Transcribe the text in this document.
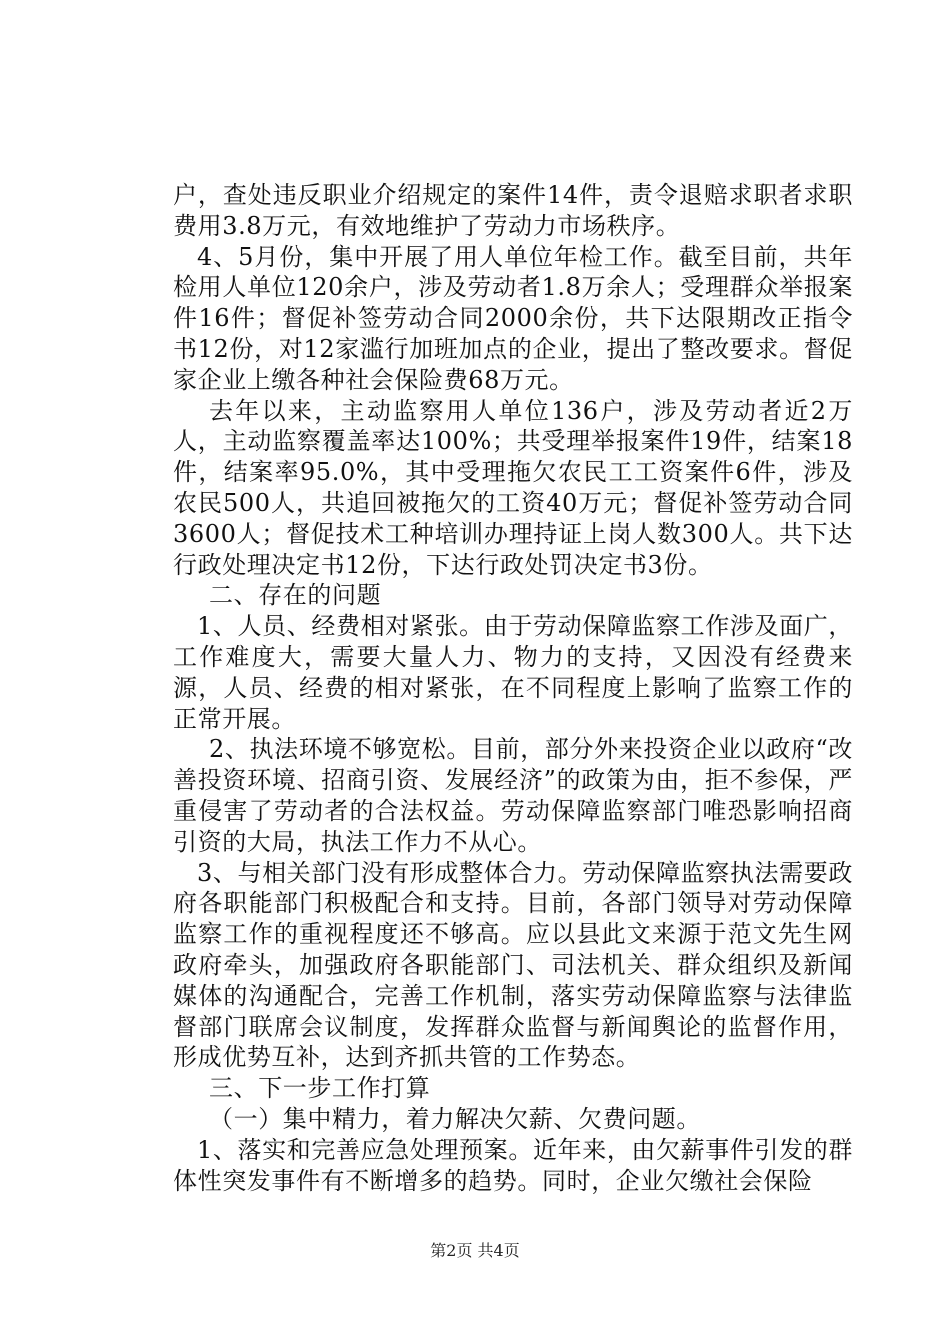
户，查处违反职业介绍规定的案件14件，责令退赔求职者求职费用3.8万元，有效地维护了劳动力市场秩序。

4、5月份，集中开展了用人单位年检工作。截至目前，共年检用人单位120余户，涉及劳动者1.8万余人；受理群众举报案件16件；督促补签劳动合同2000余份，共下达限期改正指令书12份，对12家滥行加班加点的企业，提出了整改要求。督促家企业上缴各种社会保险费68万元。

去年以来，主动监察用人单位136户，涉及劳动者近2万人，主动监察覆盖率达100%；共受理举报案件19件，结案18件，结案率95.0%，其中受理拖欠农民工工资案件6件，涉及农民500人，共追回被拖欠的工资40万元；督促补签劳动合同3600人；督促技术工种培训办理持证上岗人数300人。共下达行政处理决定书12份，下达行政处罚决定书3份。

二、存在的问题

1、人员、经费相对紧张。由于劳动保障监察工作涉及面广，工作难度大，需要大量人力、物力的支持，又因没有经费来源，人员、经费的相对紧张，在不同程度上影响了监察工作的正常开展。

2、执法环境不够宽松。目前，部分外来投资企业以政府“改善投资环境、招商引资、发展经济”的政策为由，拒不参保，严重侵害了劳动者的合法权益。劳动保障监察部门唯恐影响招商引资的大局，执法工作力不从心。

3、与相关部门没有形成整体合力。劳动保障监察执法需要政府各职能部门积极配合和支持。目前，各部门领导对劳动保障监察工作的重视程度还不够高。应以县此文来源于范文先生网政府牵头，加强政府各职能部门、司法机关、群众组织及新闻媒体的沟通配合，完善工作机制，落实劳动保障监察与法律监督部门联席会议制度，发挥群众监督与新闻舆论的监督作用，形成优势互补，达到齐抓共管的工作势态。

三、下一步工作打算

（一）集中精力，着力解决欠薪、欠费问题。

1、落实和完善应急处理预案。近年来，由欠薪事件引发的群体性突发事件有不断增多的趋势。同时，企业欠缴社会保险

第2页 共4页
